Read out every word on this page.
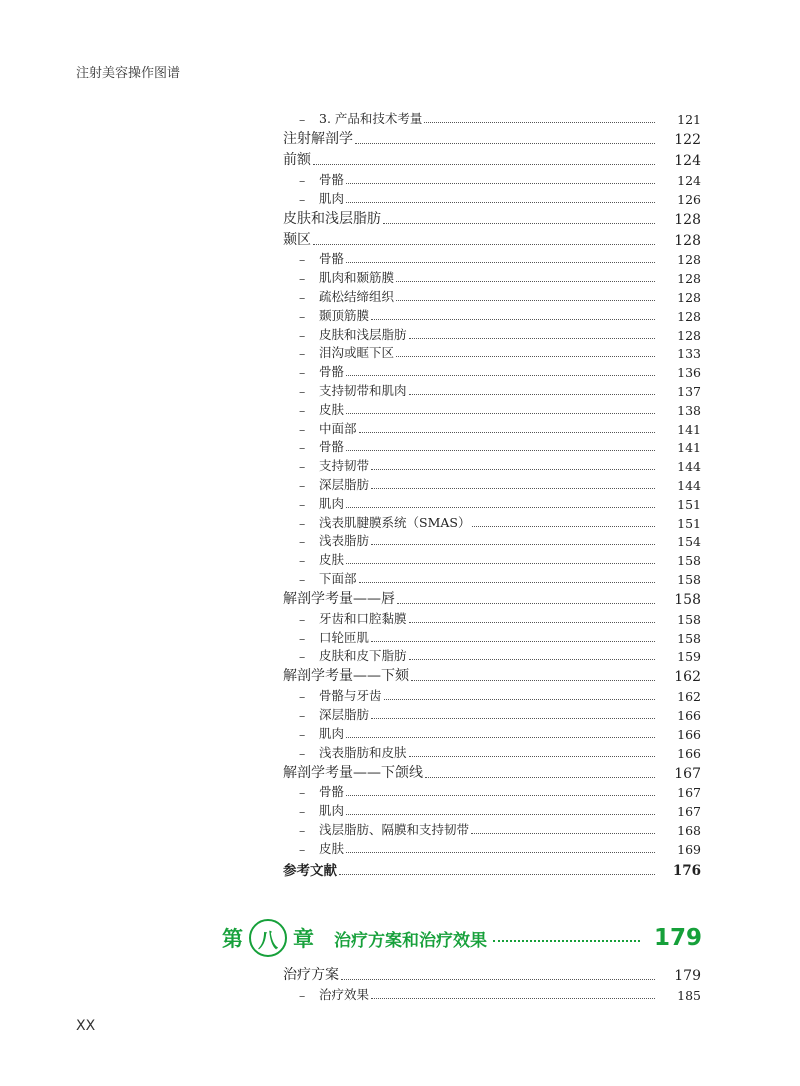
注射美容操作图谱
–	3. 产品和技术考量	121
注射解剖学	122
前额	124
–	骨骼	124
–	肌肉	126
皮肤和浅层脂肪	128
颞区	128
–	骨骼	128
–	肌肉和颞筋膜	128
–	疏松结缔组织	128
–	颞顶筋膜	128
–	皮肤和浅层脂肪	128
–	泪沟或眶下区	133
–	骨骼	136
–	支持韧带和肌肉	137
–	皮肤	138
–	中面部	141
–	骨骼	141
–	支持韧带	144
–	深层脂肪	144
–	肌肉	151
–	浅表肌腱膜系统（SMAS）	151
–	浅表脂肪	154
–	皮肤	158
–	下面部	158
解剖学考量——唇	158
–	牙齿和口腔黏膜	158
–	口轮匝肌	158
–	皮肤和皮下脂肪	159
解剖学考量——下颏	162
–	骨骼与牙齿	162
–	深层脂肪	166
–	肌肉	166
–	浅表脂肪和皮肤	166
解剖学考量——下颌线	167
–	骨骼	167
–	肌肉	167
–	浅层脂肪、隔膜和支持韧带	168
–	皮肤	169
参考文献	176
第 八 章 治疗方案和治疗效果	179
治疗方案	179
–	治疗效果	185
XX
